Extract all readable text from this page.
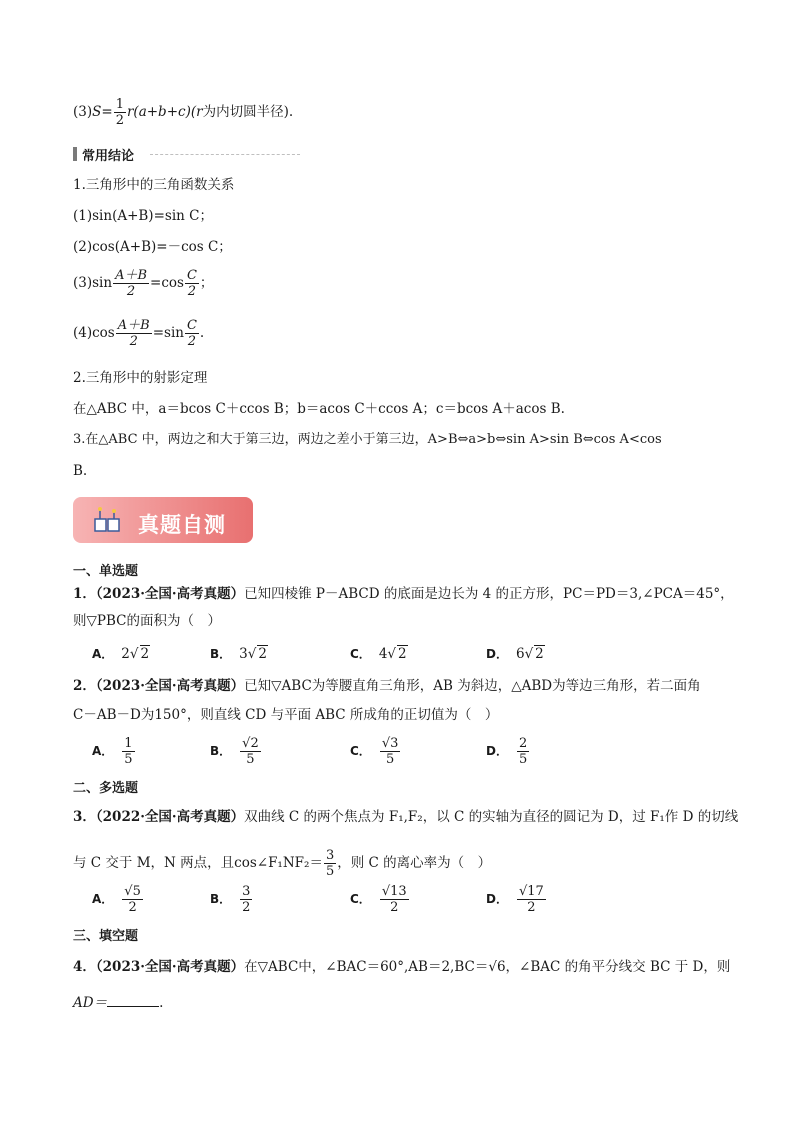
$(3)S= \frac{1}{2} r(a+b+c)(r$为内切圆半径).
常用结论
1.三角形中的三角函数关系
(1)sin(A+B)=sin C；
(2)cos(A+B)=－cos C；
$(3)\sin \frac{A+B}{2} =\cos \frac{C}{2}$ ；
$(4)\cos \frac{A+B}{2} =\sin \frac{C}{2}$ .
2.三角形中的射影定理
在△ABC 中，a＝bcos C＋ccos B；b＝acos C＋ccos A；c＝bcos A＋acos B.
3.在△ABC 中，两边之和大于第三边，两边之差小于第三边，A>B⇔a>b⇔sin A>sin B⇔cos A<cos
B.
真题自测
一、单选题
1．（2023·全国·高考真题）已知四棱锥 P－ABCD 的底面是边长为 4 的正方形，PC＝PD＝3,∠PCA＝45°，
则▽PBC的面积为（　）
A． 2√ 2	B． 3√ 2	C． 4√ 2	D． 6√ 2
2．（2023·全国·高考真题）已知▽ABC为等腰直角三角形，AB 为斜边，△ABD为等边三角形，若二面角
C－AB－D为150°，则直线 CD 与平面 ABC 所成角的正切值为（　）
A． $\frac{1}{5}$	B． $\frac{√2}{5}$	C． $\frac{√3}{5}$	D． $\frac{2}{5}$
二、多选题
3．（2022·全国·高考真题）双曲线 C 的两个焦点为 F₁,F₂，以 C 的实轴为直径的圆记为 D，过 F₁作 D 的切线
与 C 交于 M，N 两点，且cos∠F₁NF₂＝ $\frac{3}{5}$ ，则 C 的离心率为（　）
A． $\frac{√5}{2}$	B． $\frac{3}{2}$	C． $\frac{√13}{2}$	D． $\frac{√17}{2}$
三、填空题
4．（2023·全国·高考真题）在▽ABC中，∠BAC＝60°,AB＝2,BC＝√6，∠BAC 的角平分线交 BC 于 D，则
AD＝	.
